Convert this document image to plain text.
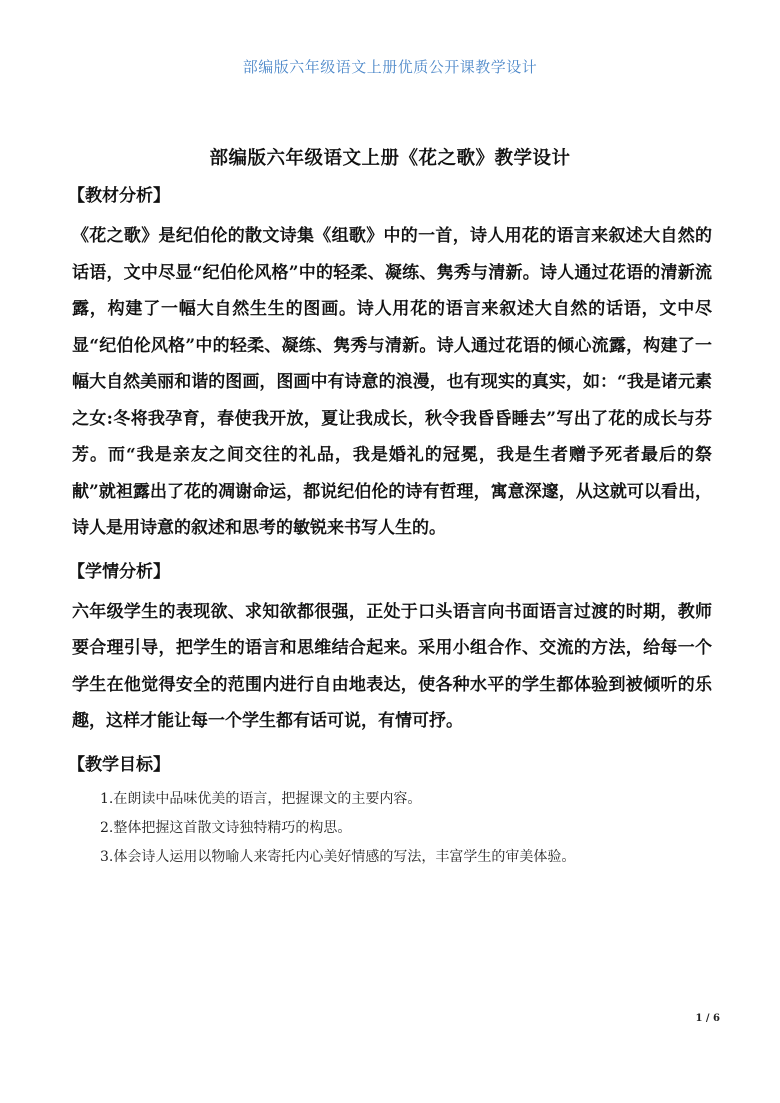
部编版六年级语文上册优质公开课教学设计
部编版六年级语文上册《花之歌》教学设计
【教材分析】
《花之歌》是纪伯伦的散文诗集《组歌》中的一首，诗人用花的语言来叙述大自然的话语，文中尽显“纪伯伦风格”中的轻柔、凝练、隽秀与清新。诗人通过花语的清新流露，构建了一幅大自然生生的图画。诗人用花的语言来叙述大自然的话语，文中尽显“纪伯伦风格”中的轻柔、凝练、隽秀与清新。诗人通过花语的倾心流露，构建了一幅大自然美丽和谐的图画，图画中有诗意的浪漫，也有现实的真实，如：“我是诸元素之女:冬将我孕育，春使我开放，夏让我成长，秋令我昏昏睡去”写出了花的成长与芬芳。而“我是亲友之间交往的礼品，我是婚礼的冠冕，我是生者赠予死者最后的祭献”就袒露出了花的凋谢命运，都说纪伯伦的诗有哲理，寓意深邃，从这就可以看出，诗人是用诗意的叙述和思考的敏锐来书写人生的。
【学情分析】
六年级学生的表现欲、求知欲都很强，正处于口头语言向书面语言过渡的时期，教师要合理引导，把学生的语言和思维结合起来。采用小组合作、交流的方法，给每一个学生在他觉得安全的范围内进行自由地表达，使各种水平的学生都体验到被倾听的乐趣，这样才能让每一个学生都有话可说，有情可抒。
【教学目标】
1.在朗读中品味优美的语言，把握课文的主要内容。
2.整体把握这首散文诗独特精巧的构思。
3.体会诗人运用以物喻人来寄托内心美好情感的写法，丰富学生的审美体验。
1 / 6
